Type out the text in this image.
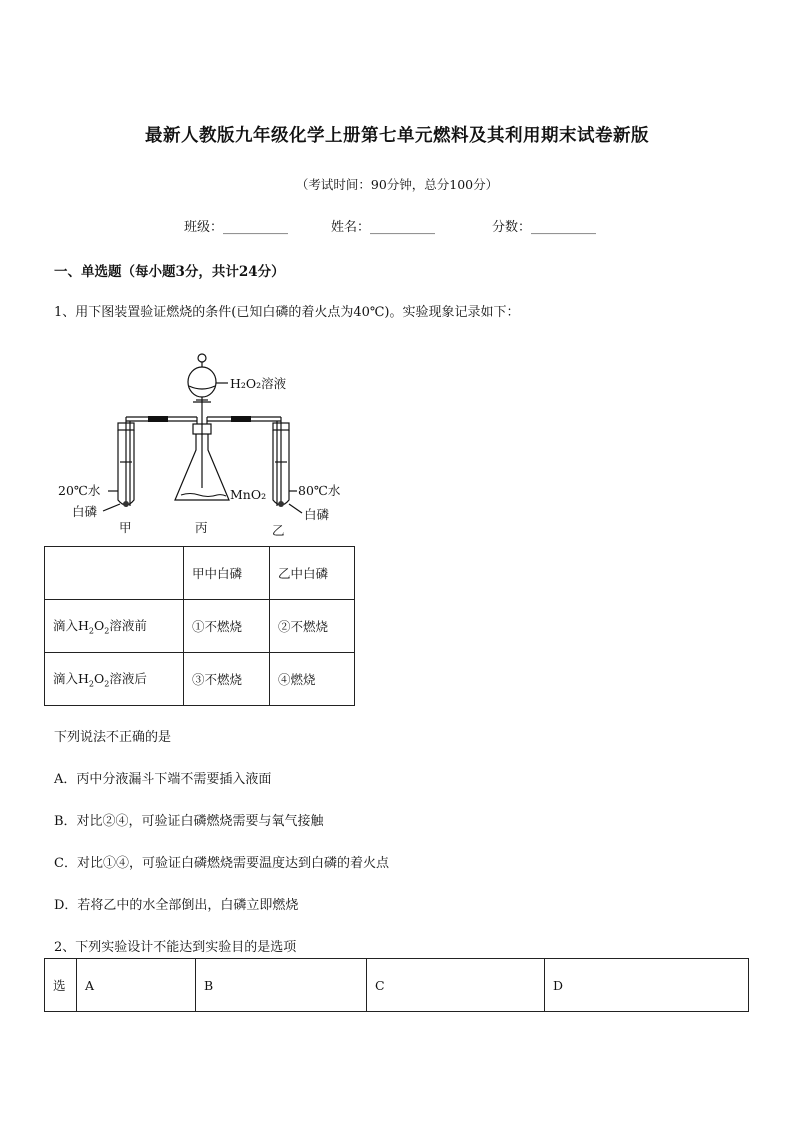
最新人教版九年级化学上册第七单元燃料及其利用期末试卷新版
（考试时间：90分钟，总分100分）
班级：__________	姓名：__________	分数：__________
一、单选题（每小题3分，共计24分）
1、用下图装置验证燃烧的条件(已知白磷的着火点为40℃)。实验现象记录如下：
H₂O₂溶液
20℃水
白磷
MnO₂	80℃水
白磷
甲	丙	乙
	甲中白磷	乙中白磷
滴入$H_2O_2$溶液前	①不燃烧	②不燃烧
滴入$H_2O_2$溶液后	③不燃烧	④燃烧
下列说法不正确的是
A．丙中分液漏斗下端不需要插入液面
B．对比②④，可验证白磷燃烧需要与氧气接触
C．对比①④，可验证白磷燃烧需要温度达到白磷的着火点
D．若将乙中的水全部倒出，白磷立即燃烧
2、下列实验设计不能达到实验目的是选项
选	A	B	C	D
